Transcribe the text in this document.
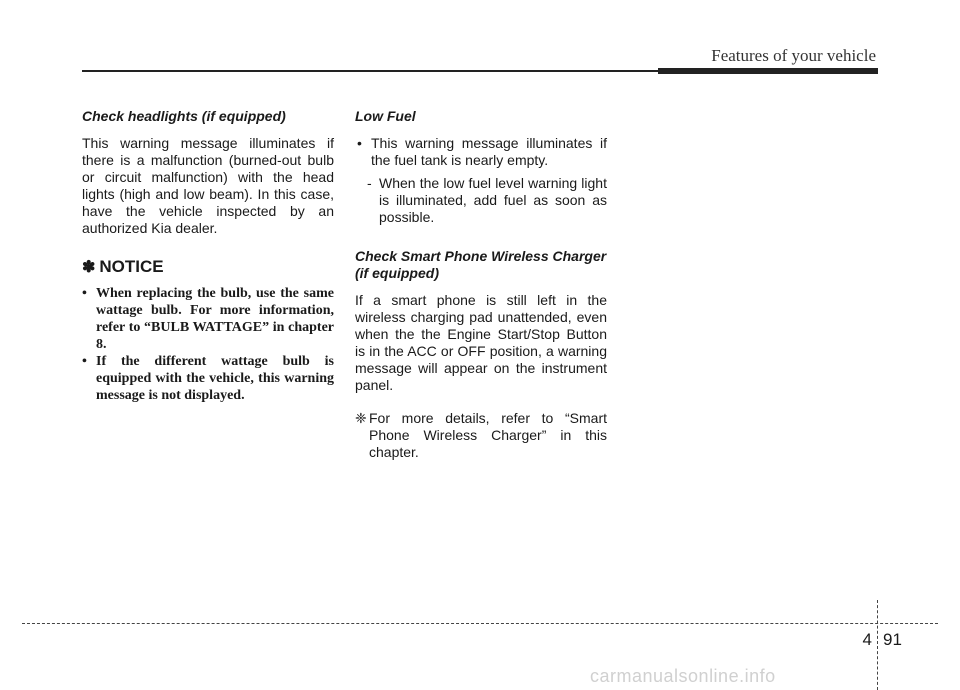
Features of your vehicle

Check headlights (if equipped)

This warning message illuminates if there is a malfunction (burned-out bulb or circuit malfunction) with the head lights (high and low beam). In this case, have the vehicle inspected by an authorized Kia dealer.

✽ NOTICE
• When replacing the bulb, use the same wattage bulb. For more information, refer to “BULB WATTAGE” in chapter 8.
• If the different wattage bulb is equipped with the vehicle, this warning message is not displayed.

Low Fuel

• This warning message illuminates if the fuel tank is nearly empty.
- When the low fuel level warning light is illuminated, add fuel as soon as possible.

Check Smart Phone Wireless Charger (if equipped)

If a smart phone is still left in the wireless charging pad unattended, even when the the Engine Start/Stop Button is in the ACC or OFF position, a warning message will appear on the instrument panel.

❈ For more details, refer to “Smart Phone Wireless Charger” in this chapter.
4 91
carmanualsonline.info
